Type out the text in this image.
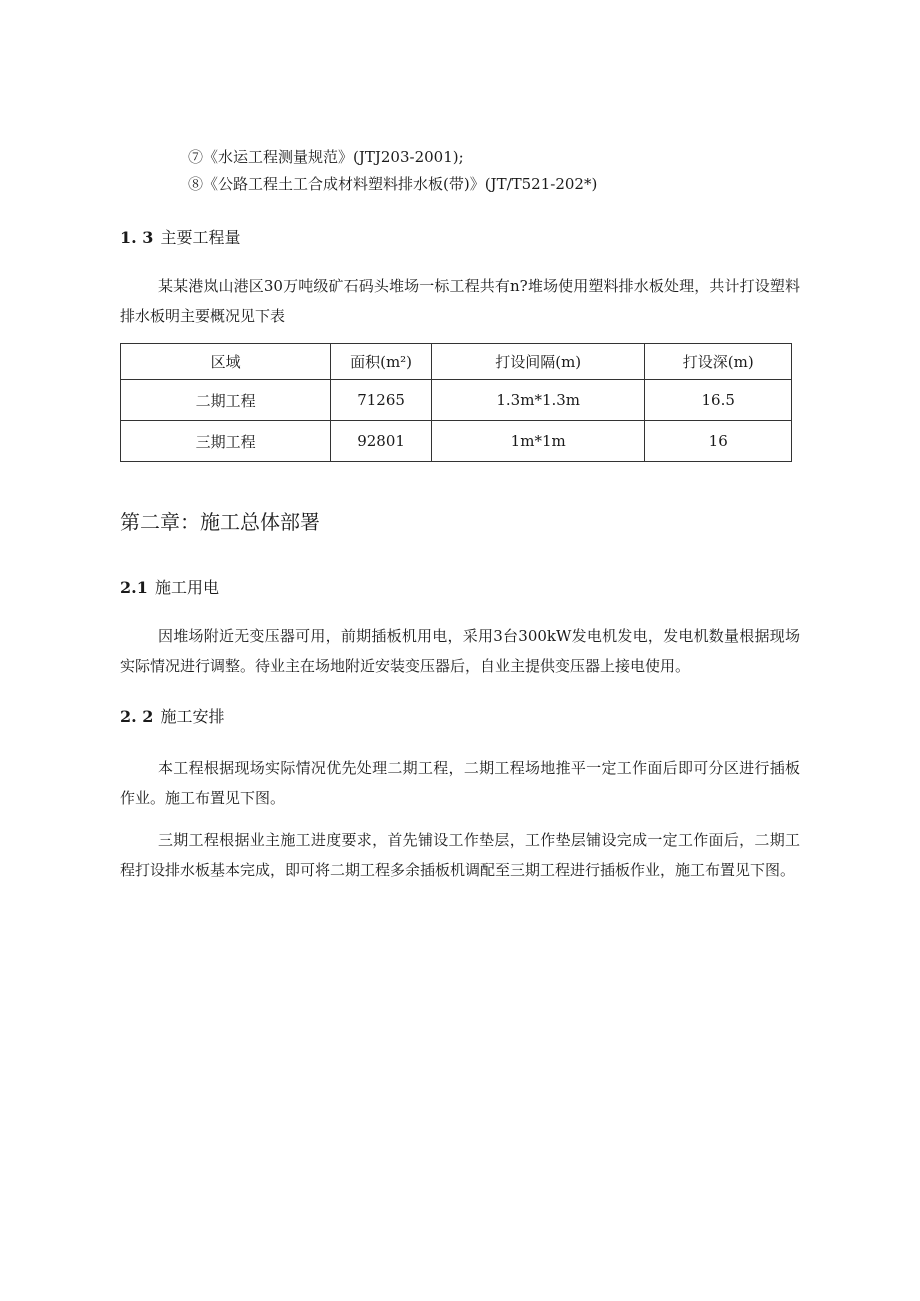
⑦《水运工程测量规范》(JTJ203-2001);
⑧《公路工程土工合成材料塑料排水板(带)》(JT/T521-202*)
1. 3 主要工程量

某某港岚山港区30万吨级矿石码头堆场一标工程共有n?堆场使用塑料排水板处理，共计打设塑料排水板明主要概况见下表

区域	面积(m²)	打设间隔(m)	打设深(m)
二期工程	71265	1.3m*1.3m	16.5
三期工程	92801	1m*1m	16
第二章：施工总体部署
2.1 施工用电

因堆场附近无变压器可用，前期插板机用电，采用3台300kW发电机发电，发电机数量根据现场实际情况进行调整。待业主在场地附近安装变压器后，自业主提供变压器上接电使用。

2. 2 施工安排

本工程根据现场实际情况优先处理二期工程，二期工程场地推平一定工作面后即可分区进行插板作业。施工布置见下图。

三期工程根据业主施工进度要求，首先铺设工作垫层，工作垫层铺设完成一定工作面后，二期工程打设排水板基本完成，即可将二期工程多余插板机调配至三期工程进行插板作业，施工布置见下图。
